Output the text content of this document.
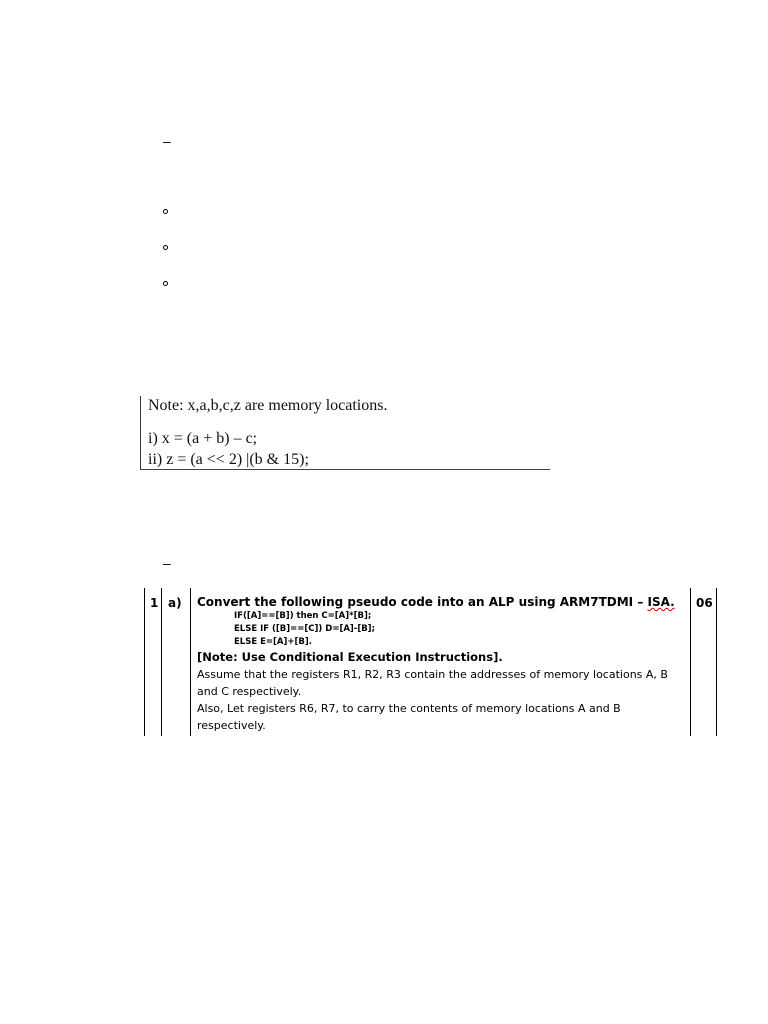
–
Note: x,a,b,c,z are memory locations.
i) x = (a + b) – c;
ii) z = (a << 2) |(b & 15);
–
1 a)	06
Convert the following pseudo code into an ALP using ARM7TDMI – ISA.
IF([A]==[B]) then C=[A]*[B];
ELSE IF ([B]==[C]) D=[A]-[B];
ELSE E=[A]+[B].
[Note: Use Conditional Execution Instructions].
Assume that the registers R1, R2, R3 contain the addresses of memory locations A, B
and C respectively.
Also, Let registers R6, R7, to carry the contents of memory locations A and B
respectively.
